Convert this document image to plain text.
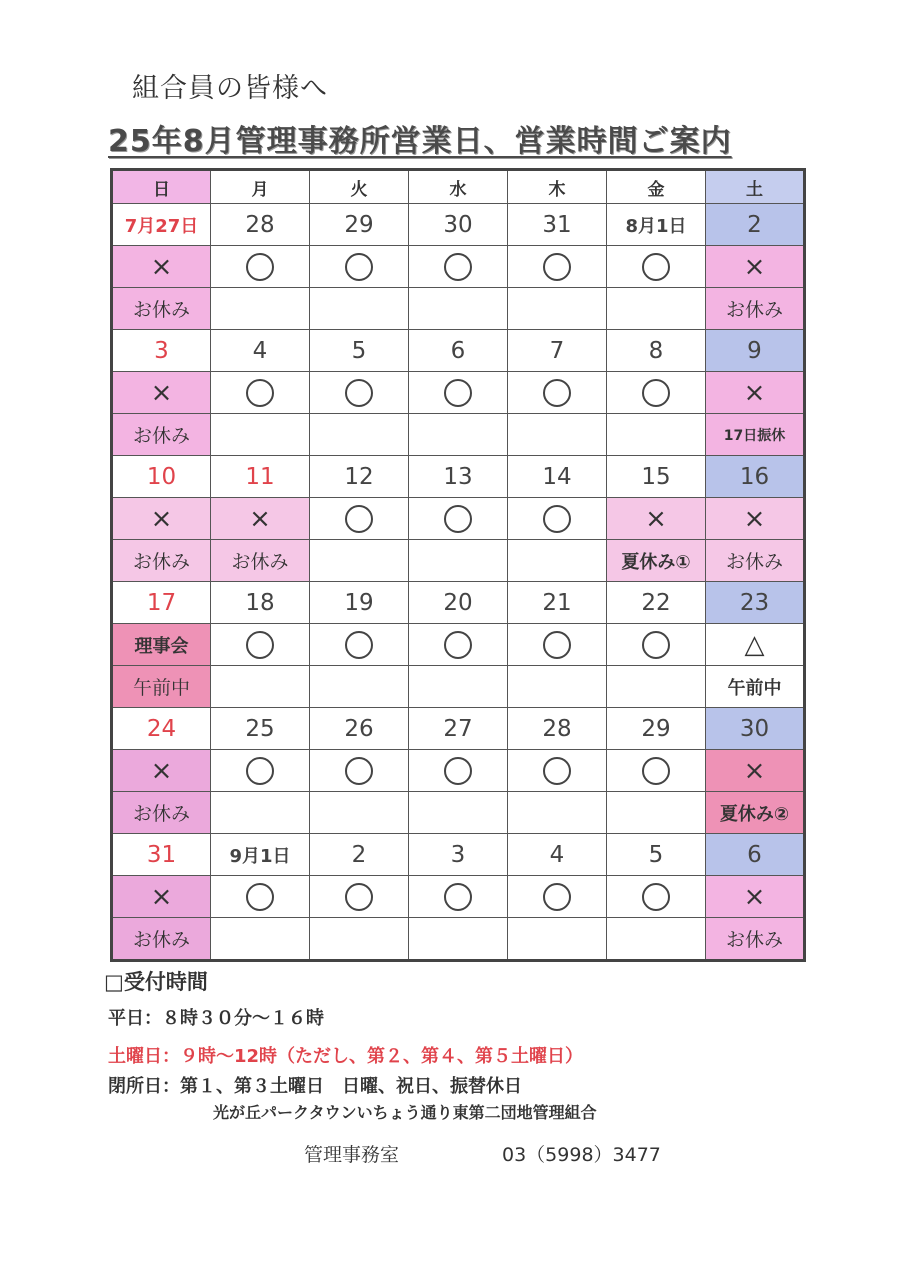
組合員の皆様へ
25年8月管理事務所営業日、営業時間ご案内
日	月	火	水	木	金	土
7月27日	28	29	30	31	8月1日	2
×						×
お休み						お休み
3	4	5	6	7	8	9
×						×
お休み						17日振休
10	11	12	13	14	15	16
×	×				×	×
お休み	お休み				夏休み①	お休み
17	18	19	20	21	22	23
理事会						△
午前中						午前中
24	25	26	27	28	29	30
×						×
お休み						夏休み②
31	9月1日	2	3	4	5	6
×						×
お休み						お休み
□受付時間
平日：８時３０分～１６時
土曜日：９時～12時（ただし、第２、第４、第５土曜日）
閉所日：第１、第３土曜日　日曜、祝日、振替休日
光が丘パークタウンいちょう通り東第二団地管理組合
管理事務室	03（5998）3477
